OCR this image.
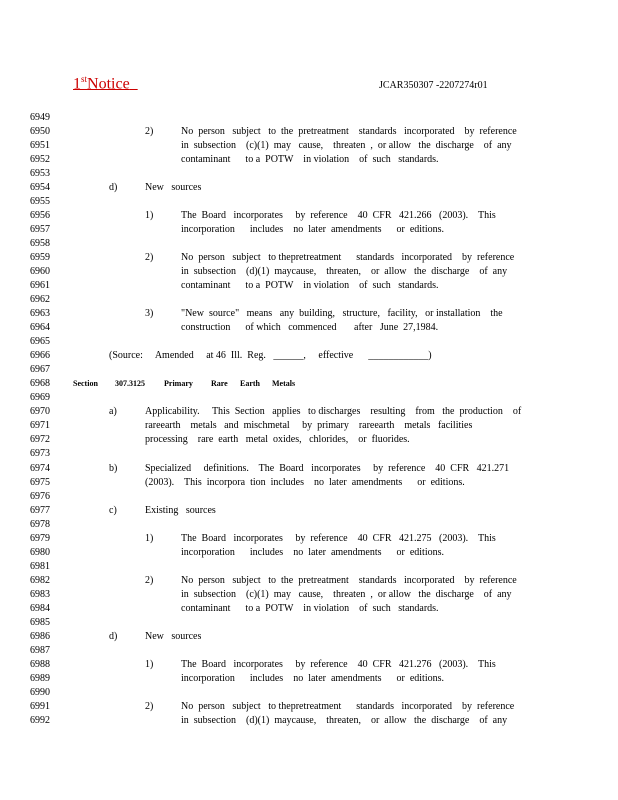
1stNotice	JCAR350307 -2207274r01
6949
6950	2)	No  person   subject   to  the  pretreatment    standards   incorporated    by  reference
6951	in  subsection    (c)(1)  may   cause,    threaten  ,  or allow   the  discharge    of  any
6952	contaminant      to a  POTW    in violation    of  such   standards.
6953
6954	d)	New   sources
6955
6956	1)	The  Board   incorporates     by  reference    40  CFR   421.266   (2003).    This
6957	incorporation      includes    no  later  amendments      or  editions.
6958
6959	2)	No  person   subject   to thepretreatment      standards   incorporated    by  reference
6960	in  subsection    (d)(1)  maycause,    threaten,    or  allow   the  discharge    of  any
6961	contaminant      to a  POTW    in violation    of  such   standards.
6962
6963	3)	"New  source"   means   any  building,   structure,   facility,   or installation    the
6964	construction      of which   commenced       after   June  27,1984.
6965
6966	(Source:     Amended     at 46  Ill.  Reg.   ______,     effective      ____________)
6967
6968	Section 307.3125 Primary Rare Earth Metals
6969
6970	a)	Applicability.     This  Section   applies   to discharges    resulting    from   the  production    of
6971	rareearth    metals   and  mischmetal     by  primary    rareearth    metals   facilities
6972	processing    rare  earth   metal  oxides,   chlorides,    or  fluorides.
6973
6974	b)	Specialized     definitions.    The  Board   incorporates     by  reference    40  CFR   421.271
6975	(2003).    This  incorpora  tion  includes    no  later  amendments      or  editions.
6976
6977	c)	Existing   sources
6978
6979	1)	The  Board   incorporates     by  reference    40  CFR   421.275   (2003).    This
6980	incorporation      includes    no  later  amendments      or  editions.
6981
6982	2)	No  person   subject   to  the  pretreatment    standards   incorporated    by  reference
6983	in  subsection    (c)(1)  may   cause,    threaten  ,  or allow   the  discharge    of  any
6984	contaminant      to a  POTW    in violation    of  such   standards.
6985
6986	d)	New   sources
6987
6988	1)	The  Board   incorporates     by  reference    40  CFR   421.276   (2003).    This
6989	incorporation      includes    no  later  amendments      or  editions.
6990
6991	2)	No  person   subject   to thepretreatment      standards   incorporated    by  reference
6992	in  subsection    (d)(1)  maycause,    threaten,    or  allow   the  discharge    of  any
